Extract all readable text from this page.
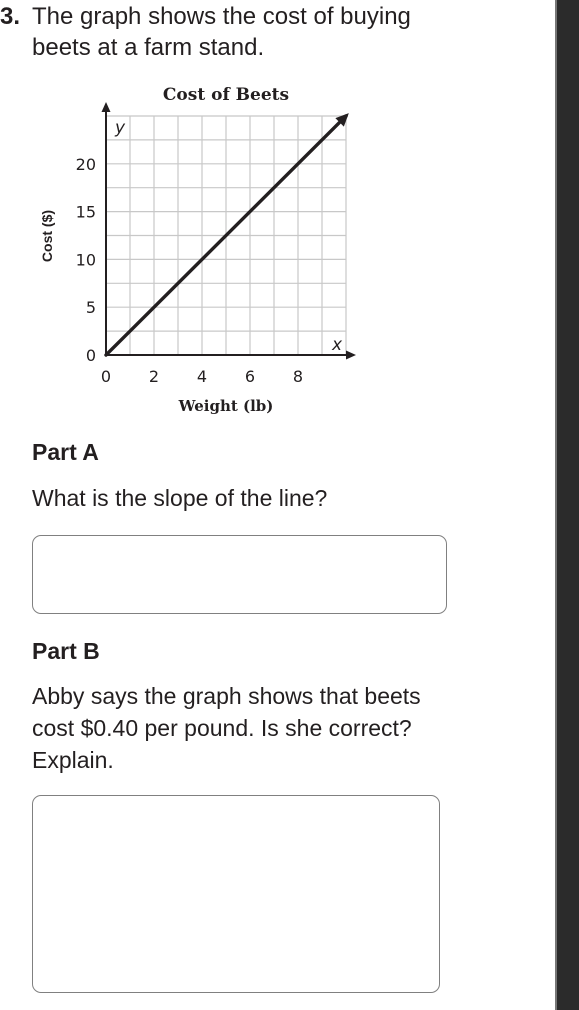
3. The graph shows the cost of buying
beets at a farm stand.
Cost of Beets
0 2 4 6 8
0
5
10
15
20
y
x
Weight (lb)
Cost ($)
Part A
What is the slope of the line?
Part B
Abby says the graph shows that beets
cost $0.40 per pound. Is she correct?
Explain.
